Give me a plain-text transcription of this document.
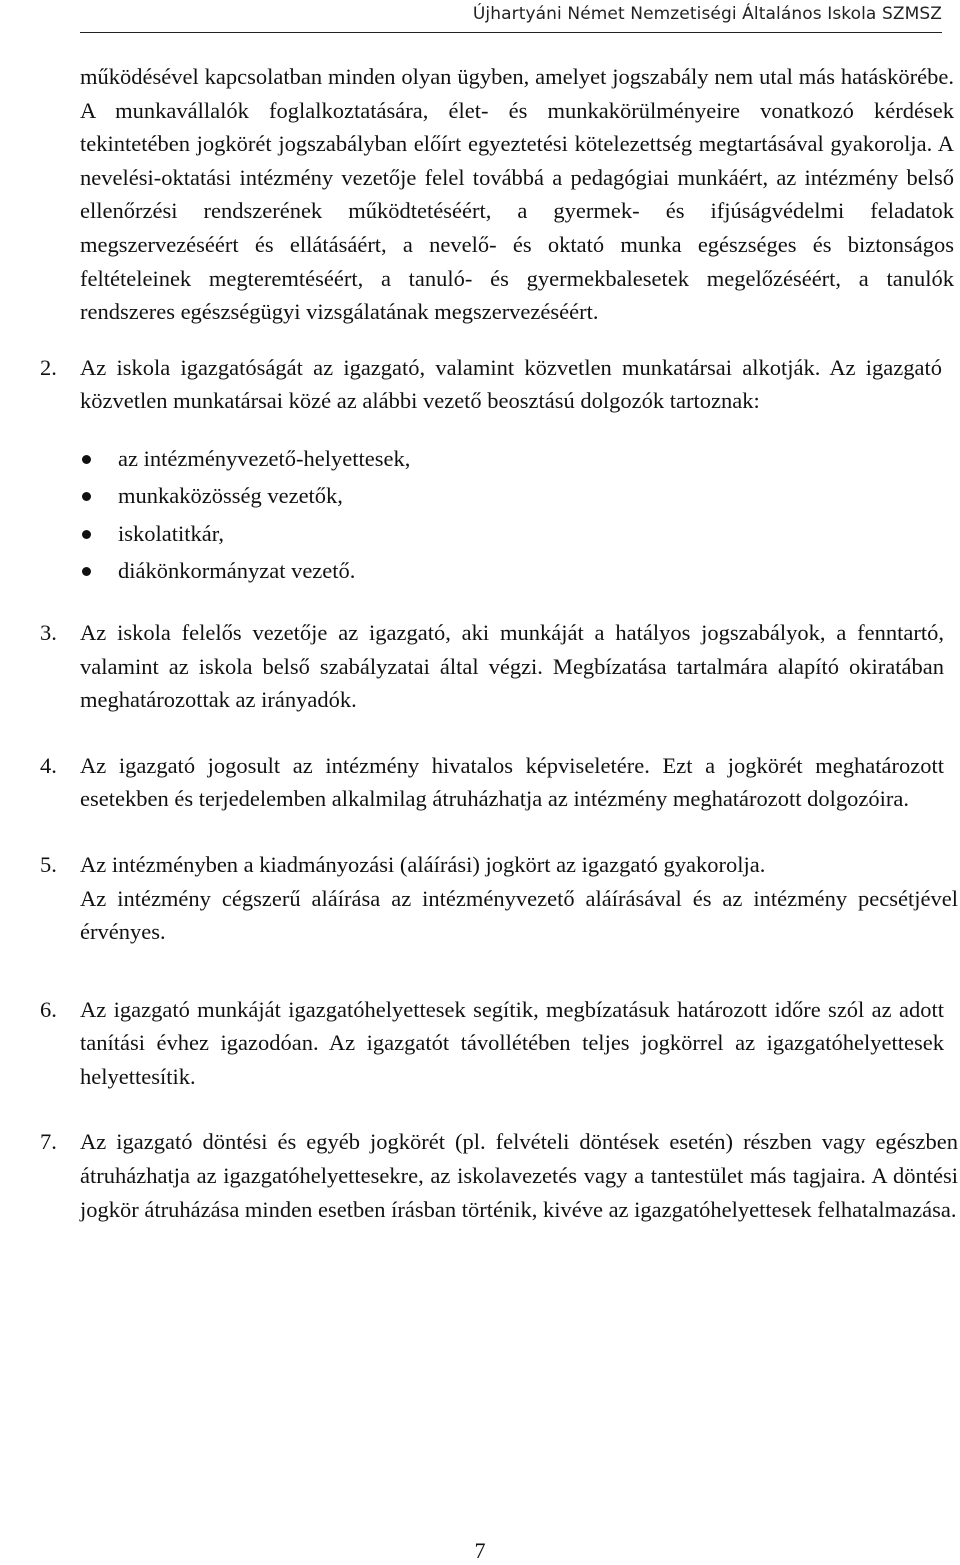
Újhartyáni Német Nemzetiségi Általános Iskola SZMSZ

működésével kapcsolatban minden olyan ügyben, amelyet jogszabály nem utal más hatáskörébe. A munkavállalók foglalkoztatására, élet- és munkakörülményeire vonatkozó kérdések tekintetében jogkörét jogszabályban előírt egyeztetési kötelezettség megtartásával gyakorolja. A nevelési-oktatási intézmény vezetője felel továbbá a pedagógiai munkáért, az intézmény belső ellenőrzési rendszerének működtetéséért, a gyermek- és ifjúságvédelmi feladatok megszervezéséért és ellátásáért, a nevelő- és oktató munka egészséges és biztonságos feltételeinek megteremtéséért, a tanuló- és gyermekbalesetek megelőzéséért, a tanulók rendszeres egészségügyi vizsgálatának megszervezéséért.

2. Az iskola igazgatóságát az igazgató, valamint közvetlen munkatársai alkotják. Az igazgató közvetlen munkatársai közé az alábbi vezető beosztású dolgozók tartoznak:

az intézményvezető-helyettesek,
munkaközösség vezetők,
iskolatitkár,
diákönkormányzat vezető.
3. Az iskola felelős vezetője az igazgató, aki munkáját a hatályos jogszabályok, a fenntartó, valamint az iskola belső szabályzatai által végzi. Megbízatása tartalmára alapító okiratában meghatározottak az irányadók.

4. Az igazgató jogosult az intézmény hivatalos képviseletére. Ezt a jogkörét meghatározott esetekben és terjedelemben alkalmilag átruházhatja az intézmény meghatározott dolgozóira.

5. Az intézményben a kiadmányozási (aláírási) jogkört az igazgató gyakorolja.

Az intézmény cégszerű aláírása az intézményvezető aláírásával és az intézmény pecsétjével érvényes.

6. Az igazgató munkáját igazgatóhelyettesek segítik, megbízatásuk határozott időre szól az adott tanítási évhez igazodóan. Az igazgatót távollétében teljes jogkörrel az igazgatóhelyettesek helyettesítik.

7. Az igazgató döntési és egyéb jogkörét (pl. felvételi döntések esetén) részben vagy egészben átruházhatja az igazgatóhelyettesekre, az iskolavezetés vagy a tantestület más tagjaira. A döntési jogkör átruházása minden esetben írásban történik, kivéve az igazgatóhelyettesek felhatalmazása.

7
